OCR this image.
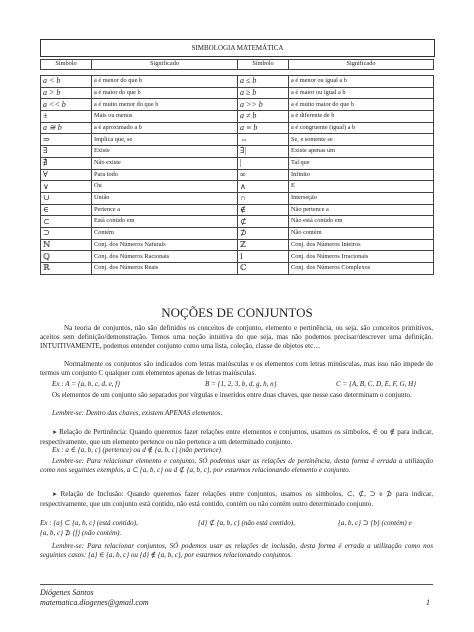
SIMBOLOGIA MATEMÁTICA
Símbolo	Significado	Símbolo	Significado

a < b	a é menor do que b	a ≤ b	a é menor ou igual a b
a > b	a é maior do que b	a ≥ b	a é maior ou igual a b
a << b	a é muito menor do que b	a >> b	a é muito maior do que b
±	Mais ou menos	a ≠ b	a é diferente de b
a ≅ b	a é aproximado a b	a ≡ b	a é congruente (igual) a b
⇒	Implica que, se	⇔	Se, e somente se
∃	Existe	∃|	Existe apenas um
∄	Não existe	|	Tal que
∀	Para todo	∞	Infinito
∨	Ou	∧	E
∪	União	∩	Interseção
∈	Pertence a	∉	Não pertence a
⊂	Está contido em	⊄	Não está contido em
⊃	Contém	⊅	Não contém
ℕ	Conj. dos Números Naturais	ℤ	Conj. dos Números Inteiros
ℚ	Conj. dos Números Racionais	I	Conj. dos Números Irracionais
ℝ	Conj. dos Números Reais	ℂ	Conj. dos Números Complexos
NOÇÕES DE CONJUNTOS
Na teoria de conjuntos, não são definidos os conceitos de conjunto, elemento e pertinência, ou seja, são conceitos primitivos, aceitos sem definição/demonstração. Temos uma noção intuitiva do que seja, mas não podemos precisar/descrever uma definição. INTUITIVAMENTE, podemos entender conjunto como uma lista, coleção, classe de objetos etc…
Normalmente os conjuntos são indicados com letras maiúsculas e os elementos com letras minúsculas, mas isso não impede de termos um conjunto C qualquer com elementos apenas de letras maiúsculas.
Ex : A = {a, b, c, d, e, f}	B = {1, 2, 3, b, d, g, h, n}	C = {A, B, C, D, E, F, G, H}
Os elementos de um conjunto são separados por vírgulas e inseridos entre duas chaves, que nesse caso determinam o conjunto.
Lembre-se: Dentro das chaves, existem APENAS elementos.
➤ Relação de Pertinência: Quando queremos fazer relações entre elementos e conjuntos, usamos os símbolos, ∈ ou ∉ para indicar, respectivamente, que um elemento pertence ou não pertence a um determinado conjunto.
Ex : a ∈ {a, b, c} (pertence) ou d ∉ {a, b, c} (não pertence)
Lembre-se: Para relacionar elemento e conjunto, SÓ podemos usar as relações de pertinência, desta forma é errada a utilização como nos seguintes exemplos, a ⊂ {a, b, c} ou d ⊄ {a, b, c}, por estarmos relacionando elemento e conjunto.
➤ Relação de Inclusão: Quando queremos fazer relações entre conjuntos, usamos os símbolos, ⊂, ⊄, ⊃ e ⊅ para indicar, respectivamente, que um conjunto está contido, não está contido, contém ou não contém outro determinado conjunto.
Ex : {a} ⊂ {a, b, c} (está contido),	{d} ⊄ {a, b, c} (não está contido),	{a, b, c} ⊃ {b} (contém) e
{a, b, c} ⊅ {f} (não contém).
Lembre-se: Para relacionar conjuntos, SÓ podemos usar as relações de inclusão, desta forma é errada a utilização como nos seguintes casos: {a} ∈ {a, b, c} ou {d} ∉ {a, b, c}, por estarmos relacionando conjuntos.
Diógenes Santos
matematica.diogenes@gmail.com	1
